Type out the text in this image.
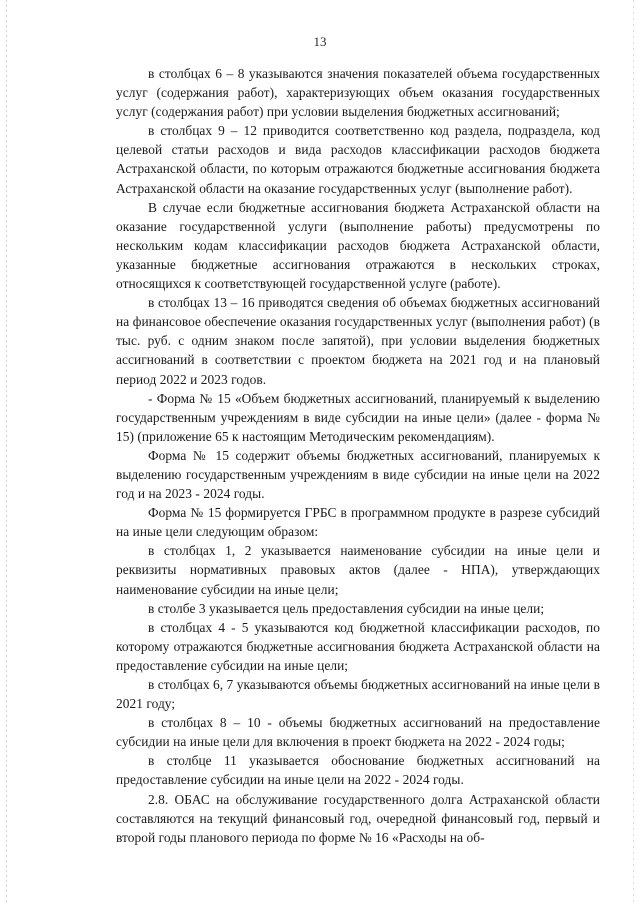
13

в столбцах 6 – 8 указываются значения показателей объема государственных услуг (содержания работ), характеризующих объем оказания государственных услуг (содержания работ) при условии выделения бюджетных ассигнований;

в столбцах 9 – 12 приводится соответственно код раздела, подраздела, код целевой статьи расходов и вида расходов классификации расходов бюджета Астраханской области, по которым отражаются бюджетные ассигнования бюджета Астраханской области на оказание государственных услуг (выполнение работ).

В случае если бюджетные ассигнования бюджета Астраханской области на оказание государственной услуги (выполнение работы) предусмотрены по нескольким кодам классификации расходов бюджета Астраханской области, указанные бюджетные ассигнования отражаются в нескольких строках, относящихся к соответствующей государственной услуге (работе).

в столбцах 13 – 16 приводятся сведения об объемах бюджетных ассигнований на финансовое обеспечение оказания государственных услуг (выполнения работ) (в тыс. руб. с одним знаком после запятой), при условии выделения бюджетных ассигнований в соответствии с проектом бюджета на 2021 год и на плановый период 2022 и 2023 годов.

- Форма № 15 «Объем бюджетных ассигнований, планируемый к выделению государственным учреждениям в виде субсидии на иные цели» (далее - форма № 15) (приложение 65 к настоящим Методическим рекомендациям).

Форма № 15 содержит объемы бюджетных ассигнований, планируемых к выделению государственным учреждениям в виде субсидии на иные цели на 2022 год и на 2023 - 2024 годы.

Форма № 15 формируется ГРБС в программном продукте в разрезе субсидий на иные цели следующим образом:

в столбцах 1, 2 указывается наименование субсидии на иные цели и реквизиты нормативных правовых актов (далее - НПА), утверждающих наименование субсидии на иные цели;

в столбе 3 указывается цель предоставления субсидии на иные цели;

в столбцах 4 - 5 указываются код бюджетной классификации расходов, по которому отражаются бюджетные ассигнования бюджета Астраханской области на предоставление субсидии на иные цели;

в столбцах 6, 7 указываются объемы бюджетных ассигнований на иные цели в 2021 году;

в столбцах 8 – 10 - объемы бюджетных ассигнований на предоставление субсидии на иные цели для включения в проект бюджета на 2022 - 2024 годы;

в столбце 11 указывается обоснование бюджетных ассигнований на предоставление субсидии на иные цели на 2022 - 2024 годы.

2.8. ОБАС на обслуживание государственного долга Астраханской области составляются на текущий финансовый год, очередной финансовый год, первый и второй годы планового периода по форме № 16 «Расходы на об-
